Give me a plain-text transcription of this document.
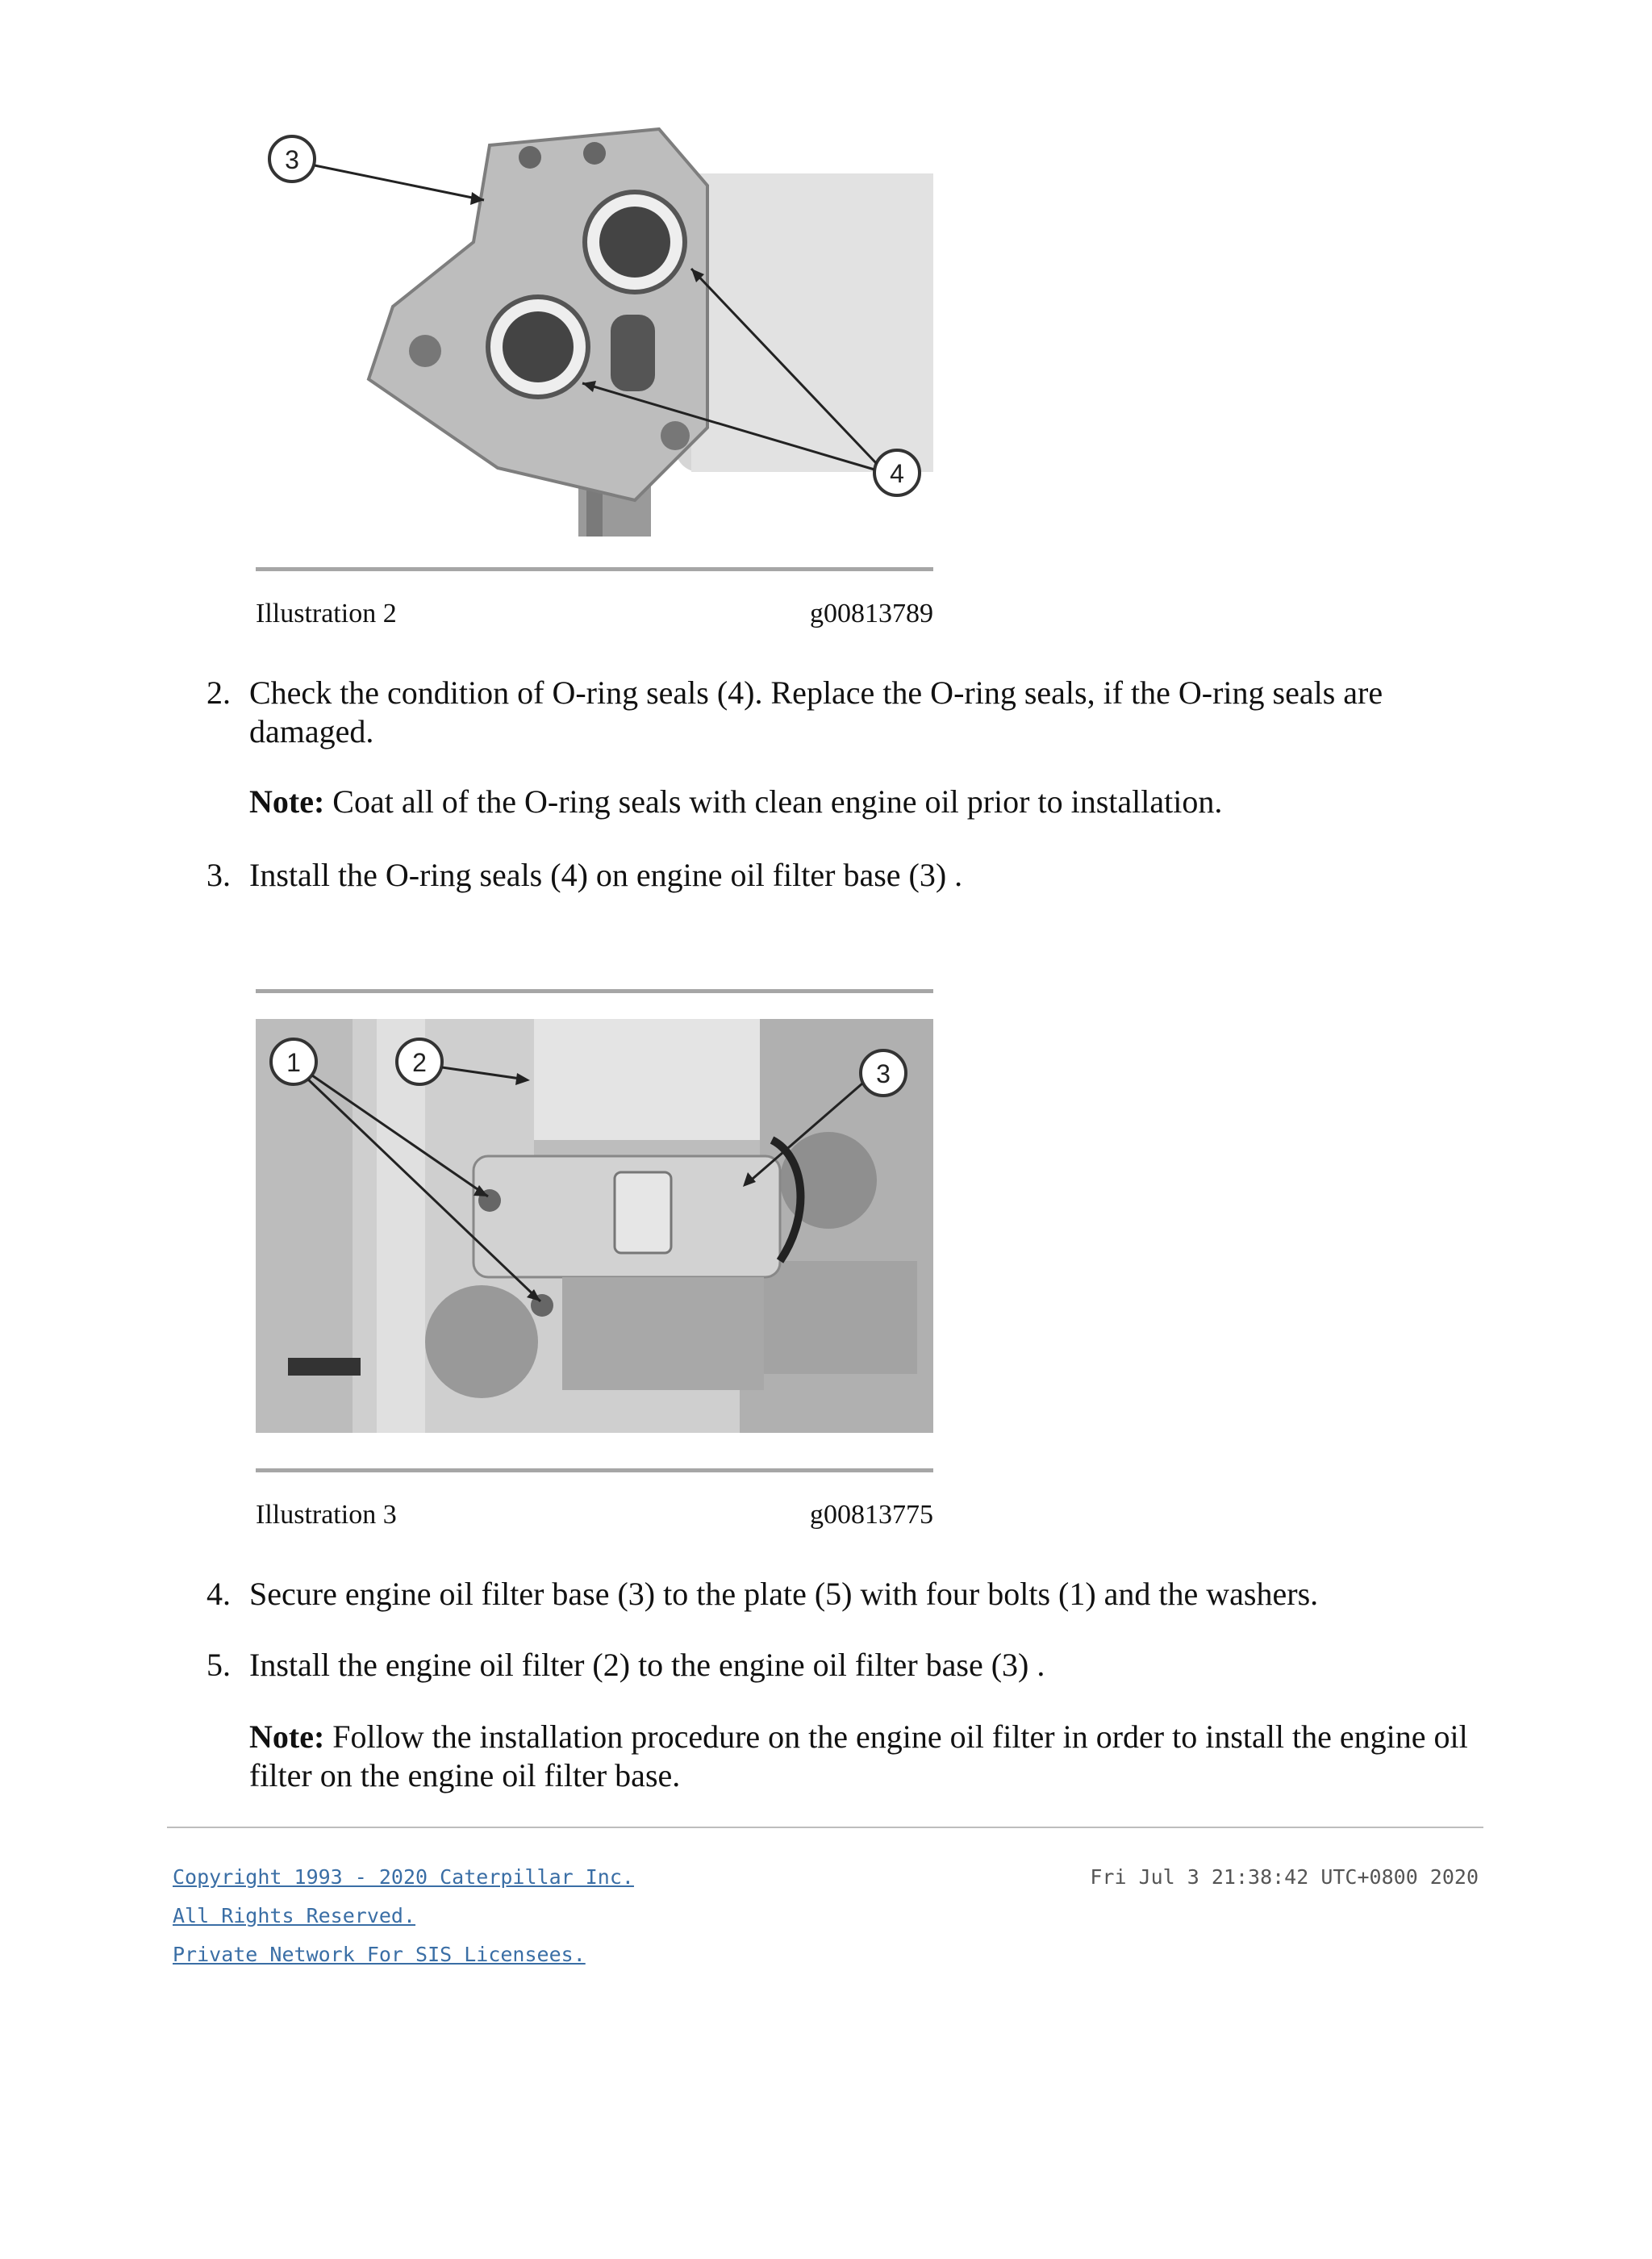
3
4
Illustration 2	g00813789
2. Check the condition of O-ring seals (4). Replace the O-ring seals, if the O-ring seals are damaged.
Note: Coat all of the O-ring seals with clean engine oil prior to installation.
3. Install the O-ring seals (4) on engine oil filter base (3) .
1	2	3
Illustration 3	g00813775
4. Secure engine oil filter base (3) to the plate (5) with four bolts (1) and the washers.
5. Install the engine oil filter (2) to the engine oil filter base (3) .
Note: Follow the installation procedure on the engine oil filter in order to install the engine oil filter on the engine oil filter base.
Copyright 1993 - 2020 Caterpillar Inc.
All Rights Reserved.
Private Network For SIS Licensees.
Fri Jul 3 21:38:42 UTC+0800 2020
